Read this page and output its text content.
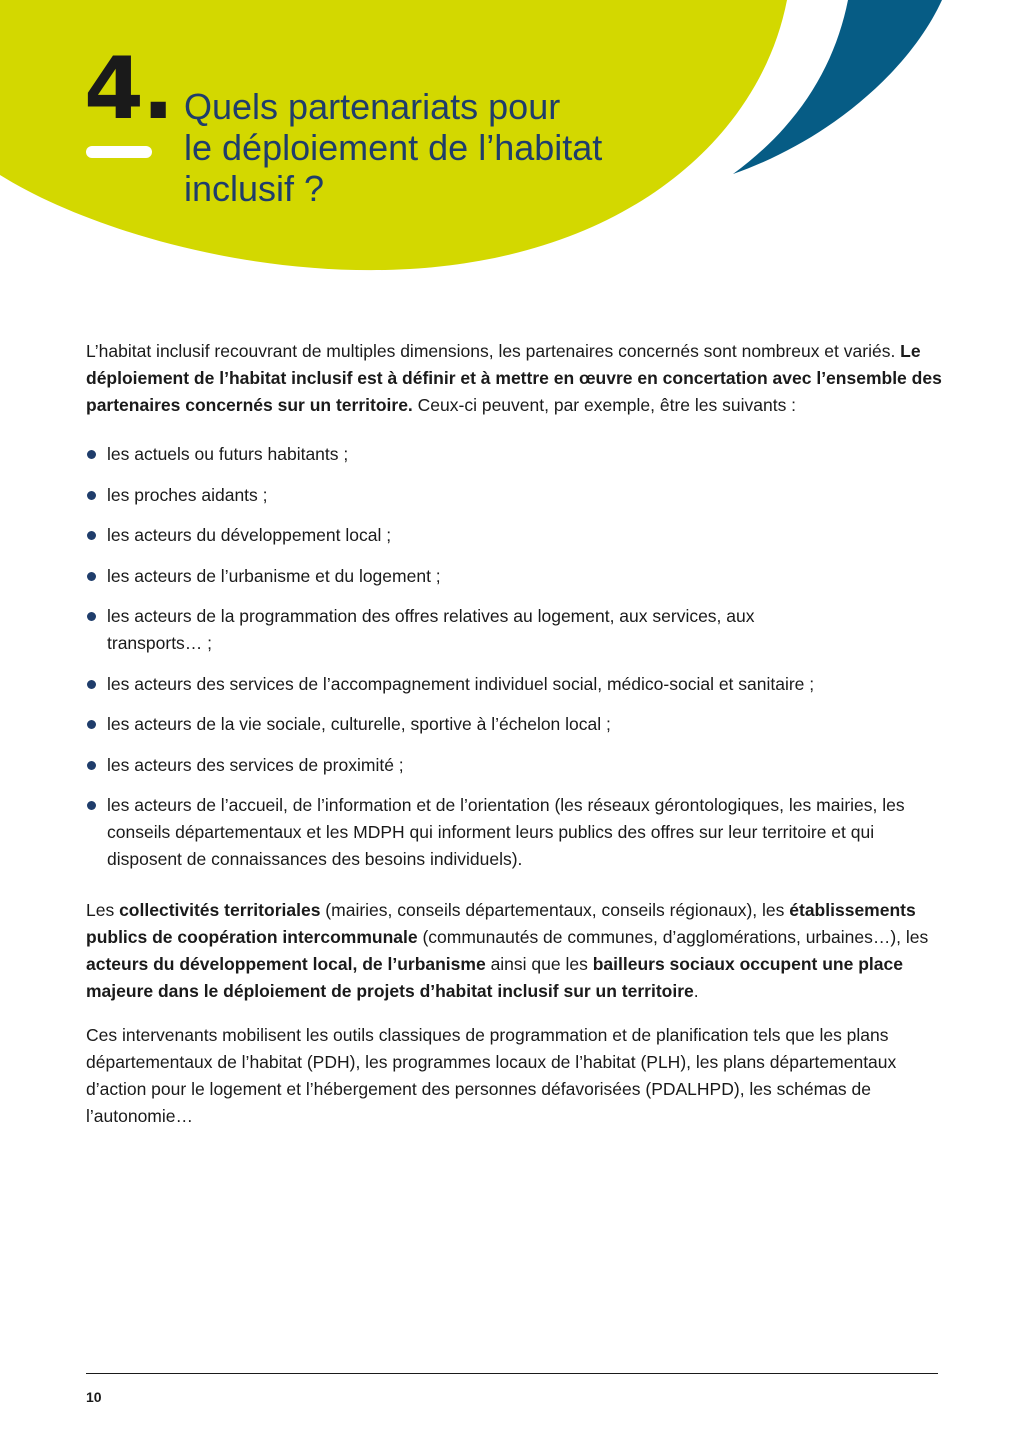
4. Quels partenariats pour
le déploiement de l’habitat
inclusif ?

L’habitat inclusif recouvrant de multiples dimensions, les partenaires concernés sont nombreux et variés. Le déploiement de l’habitat inclusif est à définir et à mettre en œuvre en concertation avec l’ensemble des partenaires concernés sur un territoire. Ceux-ci peuvent, par exemple, être les suivants :

les actuels ou futurs habitants ;
les proches aidants ;
les acteurs du développement local ;
les acteurs de l’urbanisme et du logement ;
les acteurs de la programmation des offres relatives au logement, aux services, aux transports… ;
les acteurs des services de l’accompagnement individuel social, médico-social et sanitaire ;
les acteurs de la vie sociale, culturelle, sportive à l’échelon local ;
les acteurs des services de proximité ;
les acteurs de l’accueil, de l’information et de l’orientation (les réseaux gérontologiques, les mairies, les conseils départementaux et les MDPH qui informent leurs publics des offres sur leur territoire et qui disposent de connaissances des besoins individuels).

Les collectivités territoriales (mairies, conseils départementaux, conseils régionaux), les établissements publics de coopération intercommunale (communautés de communes, d’agglomérations, urbaines…), les acteurs du développement local, de l’urbanisme ainsi que les bailleurs sociaux occupent une place majeure dans le déploiement de projets d’habitat inclusif sur un territoire.

Ces intervenants mobilisent les outils classiques de programmation et de planification tels que les plans départementaux de l’habitat (PDH), les programmes locaux de l’habitat (PLH), les plans départementaux d’action pour le logement et l’hébergement des personnes défavorisées (PDALHPD), les schémas de l’autonomie…

10
